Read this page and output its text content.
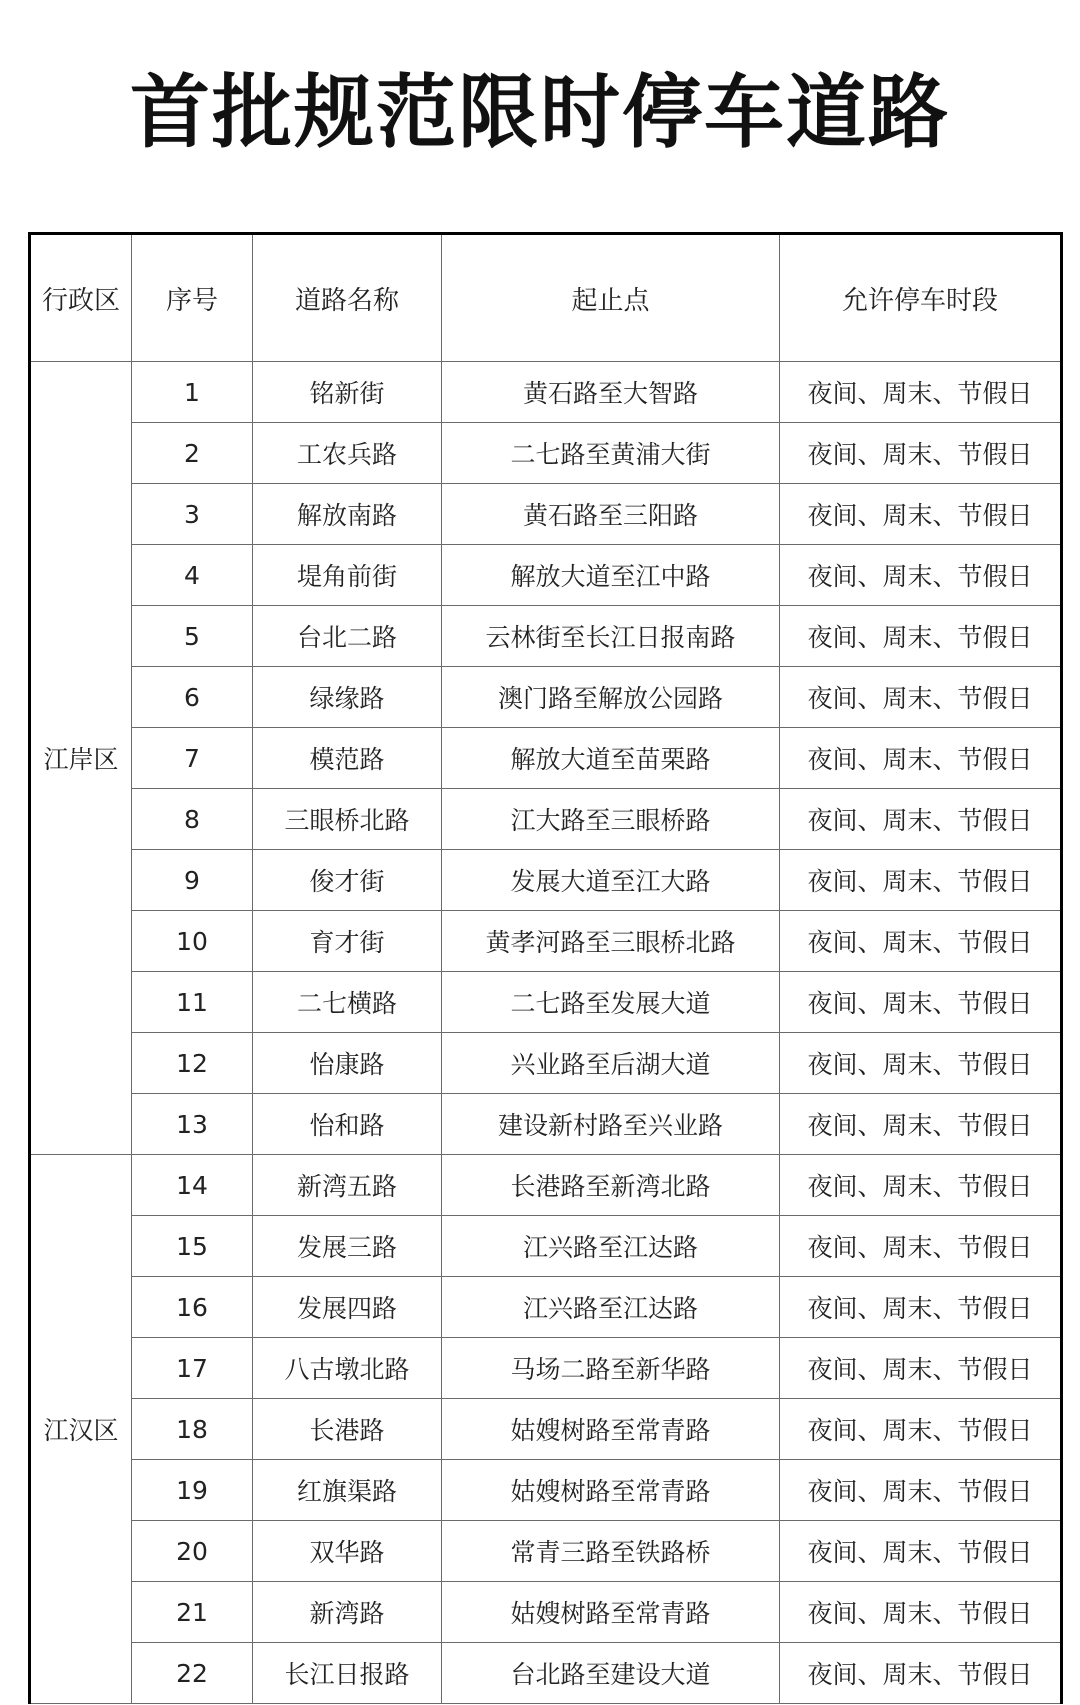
首批规范限时停车道路
行政区	序号	道路名称	起止点	允许停车时段
江岸区	1	铭新街	黄石路至大智路	夜间、周末、节假日
	2	工农兵路	二七路至黄浦大街	夜间、周末、节假日
	3	解放南路	黄石路至三阳路	夜间、周末、节假日
	4	堤角前街	解放大道至江中路	夜间、周末、节假日
	5	台北二路	云林街至长江日报南路	夜间、周末、节假日
	6	绿缘路	澳门路至解放公园路	夜间、周末、节假日
	7	模范路	解放大道至苗栗路	夜间、周末、节假日
	8	三眼桥北路	江大路至三眼桥路	夜间、周末、节假日
	9	俊才街	发展大道至江大路	夜间、周末、节假日
	10	育才街	黄孝河路至三眼桥北路	夜间、周末、节假日
	11	二七横路	二七路至发展大道	夜间、周末、节假日
	12	怡康路	兴业路至后湖大道	夜间、周末、节假日
	13	怡和路	建设新村路至兴业路	夜间、周末、节假日
江汉区	14	新湾五路	长港路至新湾北路	夜间、周末、节假日
	15	发展三路	江兴路至江达路	夜间、周末、节假日
	16	发展四路	江兴路至江达路	夜间、周末、节假日
	17	八古墩北路	马场二路至新华路	夜间、周末、节假日
	18	长港路	姑嫂树路至常青路	夜间、周末、节假日
	19	红旗渠路	姑嫂树路至常青路	夜间、周末、节假日
	20	双华路	常青三路至铁路桥	夜间、周末、节假日
	21	新湾路	姑嫂树路至常青路	夜间、周末、节假日
	22	长江日报路	台北路至建设大道	夜间、周末、节假日
